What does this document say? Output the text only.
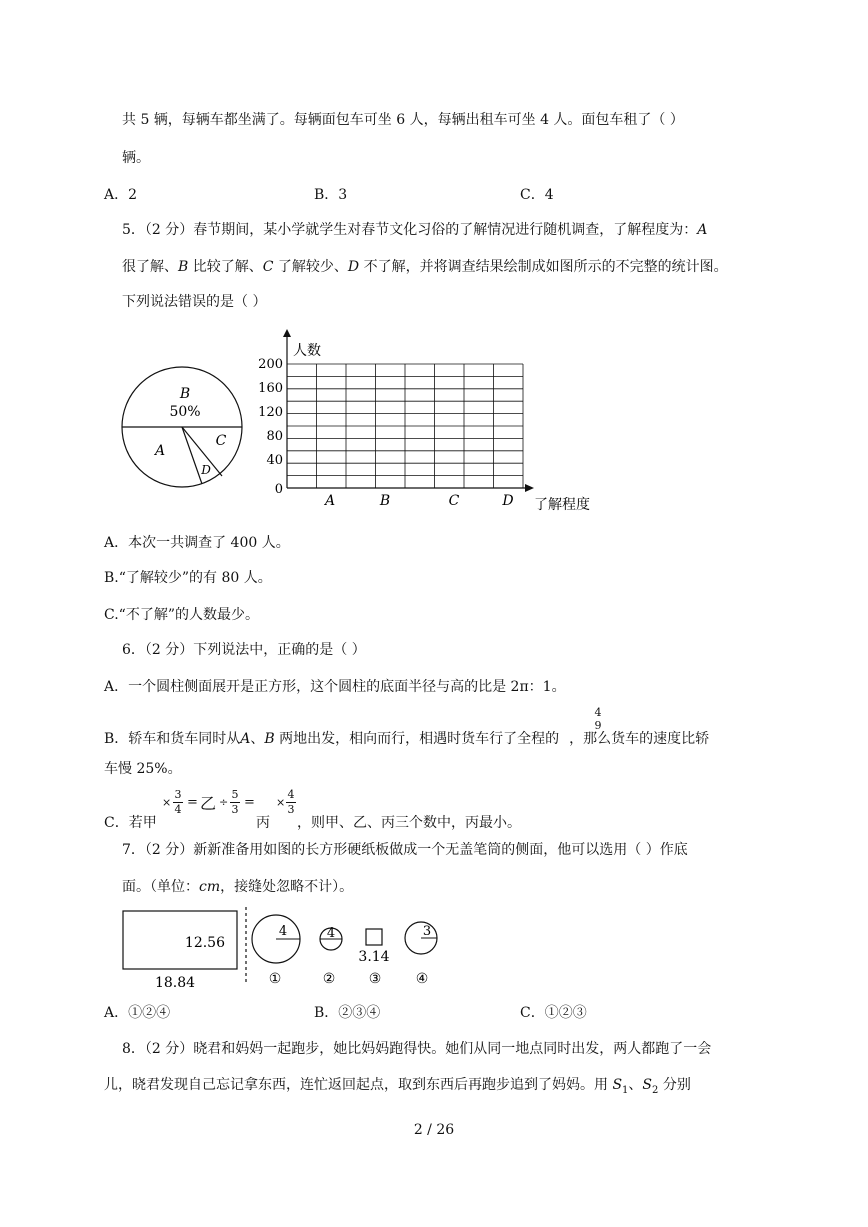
共 5 辆，每辆车都坐满了。每辆面包车可坐 6 人，每辆出租车可坐 4 人。面包车租了（ ）
辆。
A．2	B．3	C．4
5．（2 分）春节期间，某小学就学生对春节文化习俗的了解情况进行随机调查，了解程度为：A
很了解、B 比较了解、C 了解较少、D 不了解，并将调查结果绘制成如图所示的不完整的统计图。
下列说法错误的是（ ）
B
50%
A
C
D
人数
了解程度
200
160
120
80
40
0
A	B	C	D
A．本次一共调查了 400 人。
B.“了解较少”的有 80 人。
C.“不了解”的人数最少。
6．（2 分）下列说法中，正确的是（ ）
A．一个圆柱侧面展开是正方形，这个圆柱的底面半径与高的比是 2π：1。
B．轿车和货车同时从A、B 两地出发，相向而行，相遇时货车行了全程的 ，那么货车的速度比轿
4
9
车慢 25%。
C．若甲
×
3
4 = 乙 ÷
5
3 =
丙
×
4
3
，则甲、乙、丙三个数中，丙最小。
7．（2 分）新新准备用如图的长方形硬纸板做成一个无盖笔筒的侧面，他可以选用（ ）作底
面。（单位：cm，接缝处忽略不计）。
12.56
18.84
4	4
3.14
3
①	② ③ ④
A．①②④	B．②③④	C．①②③
8．（2 分）晓君和妈妈一起跑步，她比妈妈跑得快。她们从同一地点同时出发，两人都跑了一会
儿，晓君发现自己忘记拿东西，连忙返回起点，取到东西后再跑步追到了妈妈。用 $S_1$、$S_2$ 分别
2 / 26
